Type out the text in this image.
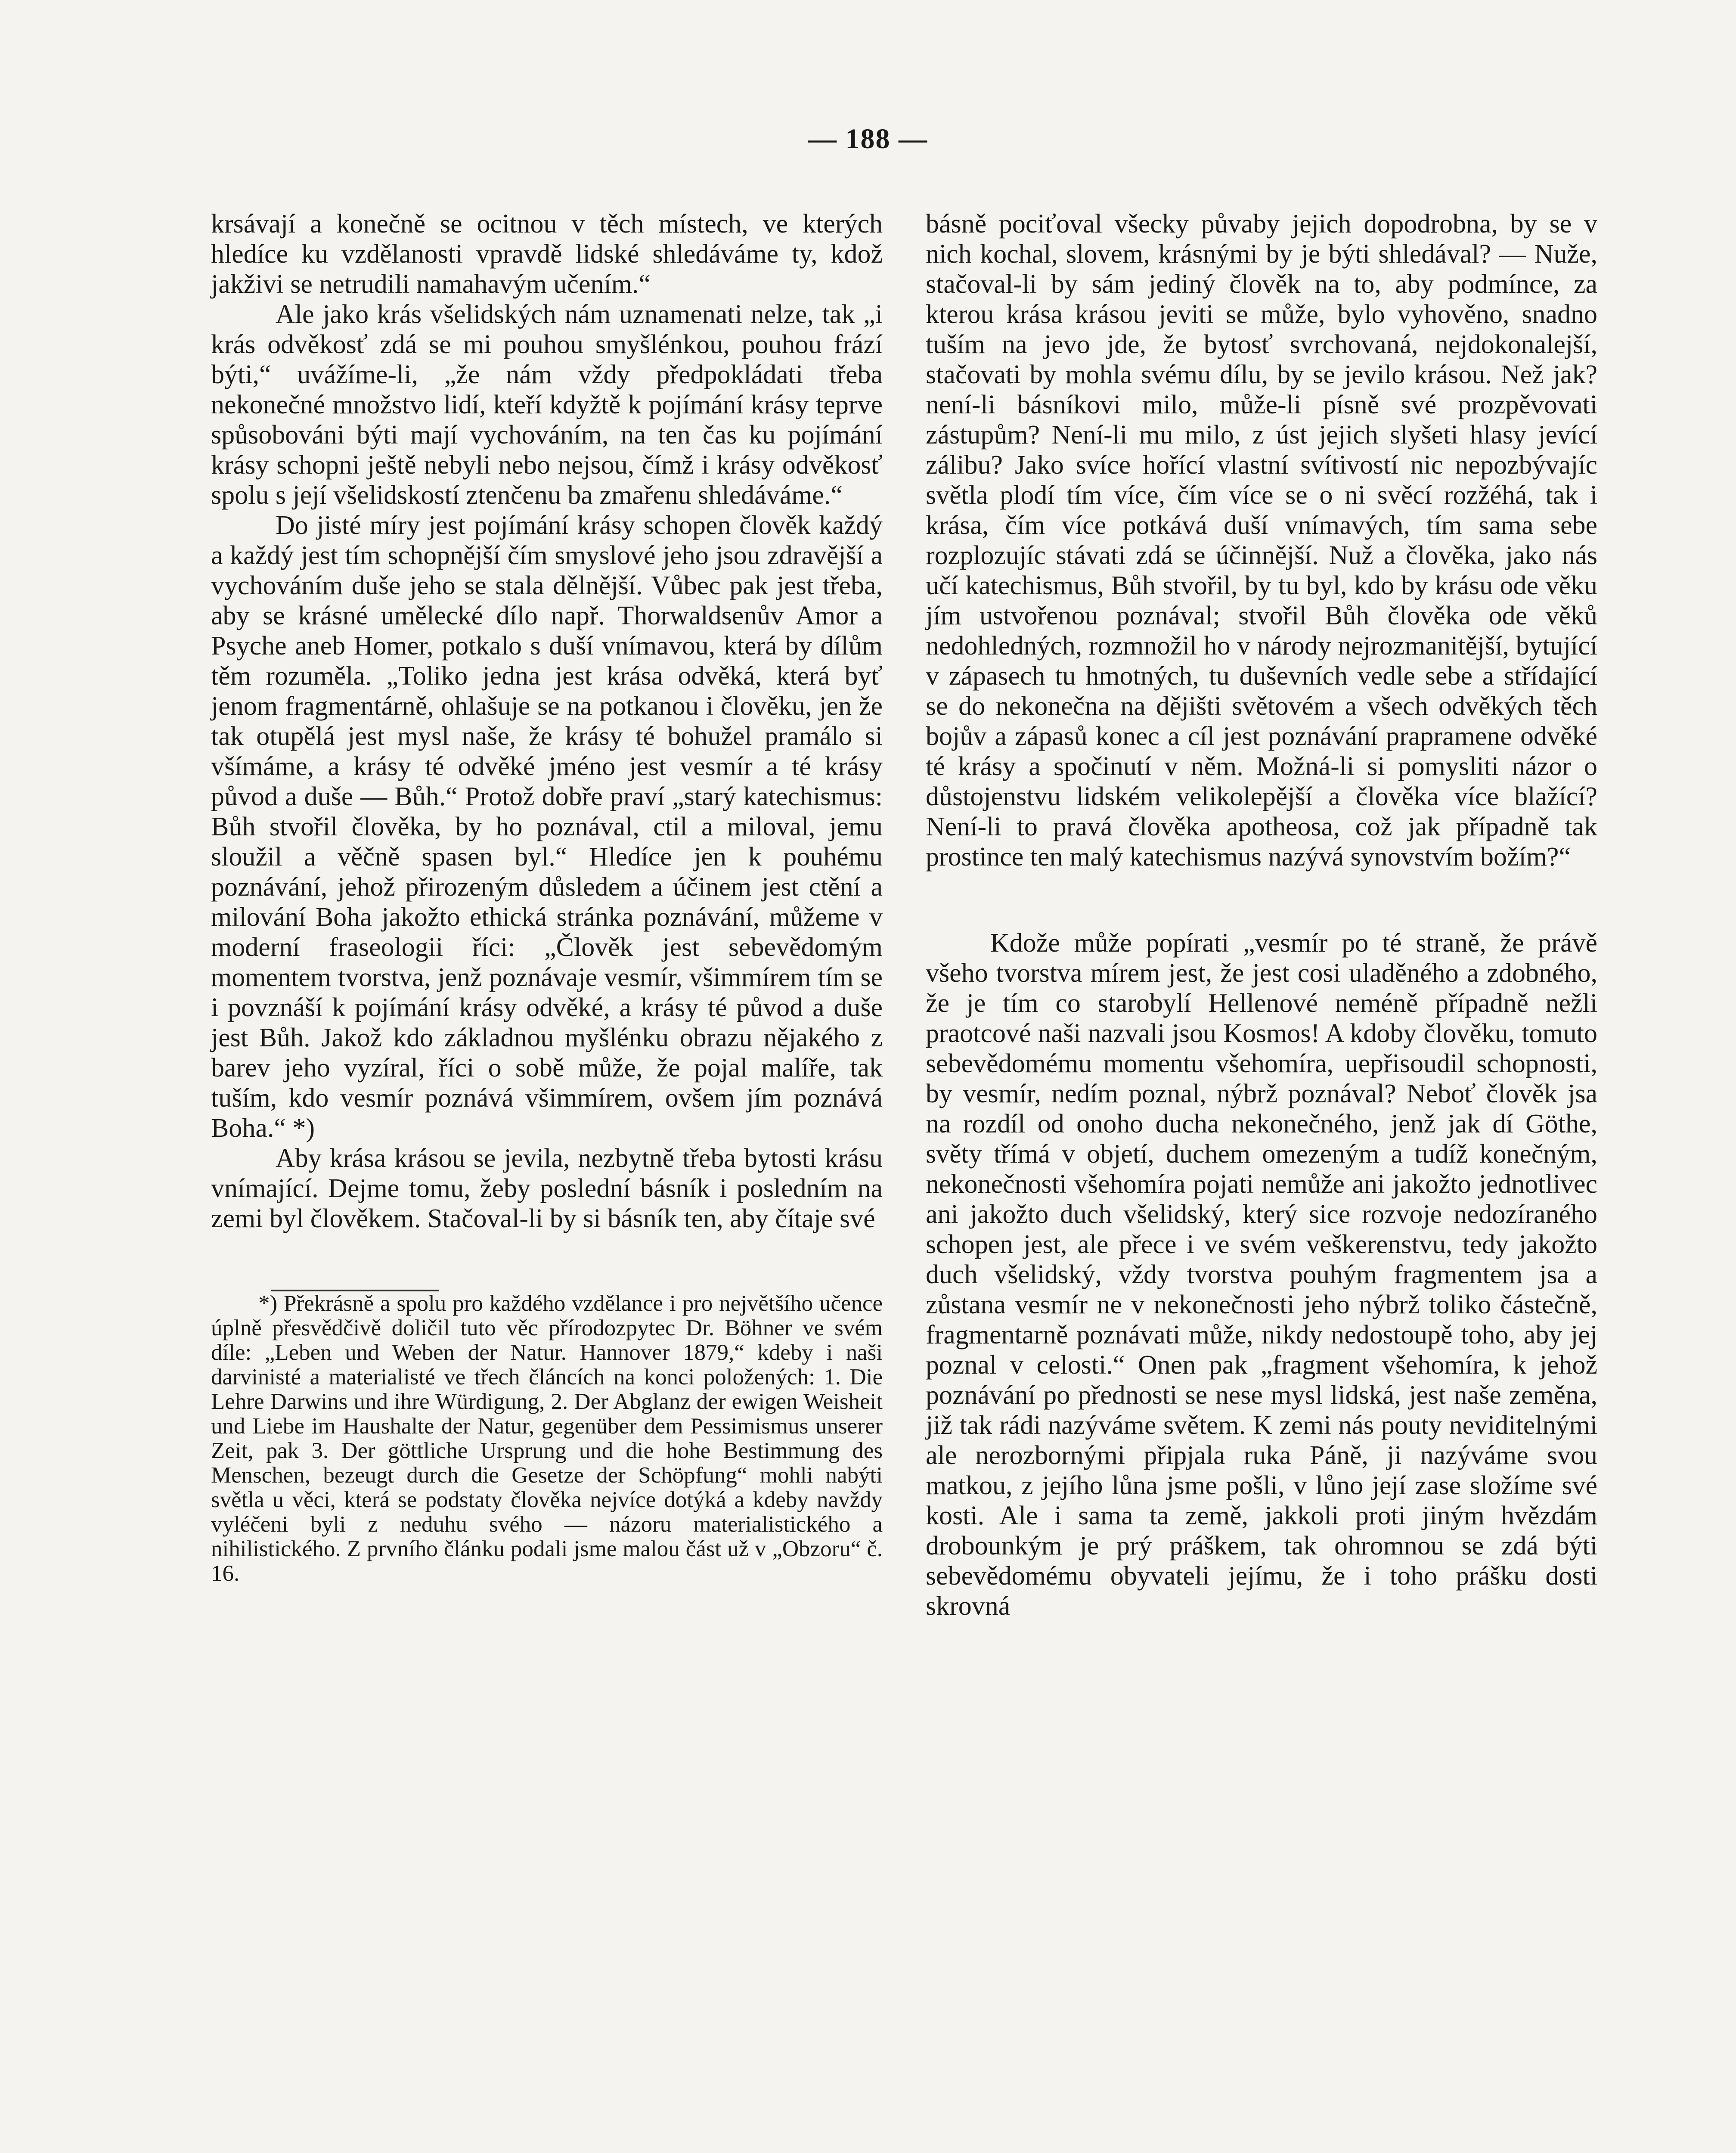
— 188 —

krsávají a konečně se ocitnou v těch místech, ve kterých hledíce ku vzdělanosti vpravdě lidské shledáváme ty, kdož jakživi se netrudili namahavým učením.“

Ale jako krás všelidských nám uznamenati nelze, tak „i krás odvěkosť zdá se mi pouhou smyšlénkou, pouhou frází býti,“ uvážíme-li, „že nám vždy předpokládati třeba nekonečné množstvo lidí, kteří kdyžtě k pojímání krásy teprve spůsobováni býti mají vychováním, na ten čas ku pojímání krásy schopni ještě nebyli nebo nejsou, čímž i krásy odvěkosť spolu s její všelidskostí ztenčenu ba zmařenu shledáváme.“

Do jisté míry jest pojímání krásy schopen člověk každý a každý jest tím schopnější čím smyslové jeho jsou zdravější a vychováním duše jeho se stala dělnější. Vůbec pak jest třeba, aby se krásné umělecké dílo např. Thorwaldsenův Amor a Psyche aneb Homer, potkalo s duší vnímavou, která by dílům těm rozuměla. „Toliko jedna jest krása odvěká, která byť jenom fragmentárně, ohlašuje se na potkanou i člověku, jen že tak otupělá jest mysl naše, že krásy té bohužel pramálo si všímáme, a krásy té odvěké jméno jest vesmír a té krásy původ a duše — Bůh.“ Protož dobře praví „starý katechismus: Bůh stvořil člověka, by ho poznával, ctil a miloval, jemu sloužil a věčně spasen byl.“ Hledíce jen k pouhému poznávání, jehož přirozeným důsledem a účinem jest ctění a milování Boha jakožto ethická stránka poznávání, můžeme v moderní fraseologii říci: „Člověk jest sebevědomým momentem tvorstva, jenž poznávaje vesmír, všimmírem tím se i povznáší k pojímání krásy odvěké, a krásy té původ a duše jest Bůh. Jakož kdo základnou myšlénku obrazu nějakého z barev jeho vyzíral, říci o sobě může, že pojal malíře, tak tuším, kdo vesmír poznává všimmírem, ovšem jím poznává Boha.“ *)

Aby krása krásou se jevila, nezbytně třeba bytosti krásu vnímající. Dejme tomu, žeby poslední básník i posledním na zemi byl člověkem. Stačoval-li by si básník ten, aby čítaje své

*) Překrásně a spolu pro každého vzdělance i pro největšího učence úplně přesvědčivě doličil tuto věc přírodozpytec Dr. Böhner ve svém díle: „Leben und Weben der Natur. Hannover 1879,“ kdeby i naši darvinisté a materialisté ve třech článcích na konci položených: 1. Die Lehre Darwins und ihre Würdigung, 2. Der Abglanz der ewigen Weisheit und Liebe im Haushalte der Natur, gegenüber dem Pessimismus unserer Zeit, pak 3. Der göttliche Ursprung und die hohe Bestimmung des Menschen, bezeugt durch die Gesetze der Schöpfung“ mohli nabýti světla u věci, která se podstaty člověka nejvíce dotýká a kdeby navždy vyléčeni byli z neduhu svého — názoru materialistického a nihilistického. Z prvního článku podali jsme malou část už v „Obzoru“ č. 16.

básně pociťoval všecky půvaby jejich dopodrobna, by se v nich kochal, slovem, krásnými by je býti shledával? — Nuže, stačoval-li by sám jediný člověk na to, aby podmínce, za kterou krása krásou jeviti se může, bylo vyhověno, snadno tuším na jevo jde, že bytosť svrchovaná, nejdokonalejší, stačovati by mohla svému dílu, by se jevilo krásou. Než jak? není-li básníkovi milo, může-li písně své prozpěvovati zástupům? Není-li mu milo, z úst jejich slyšeti hlasy jevící zálibu? Jako svíce hořící vlastní svítivostí nic nepozbývajíc světla plodí tím více, čím více se o ni svěcí rozžéhá, tak i krása, čím více potkává duší vnímavých, tím sama sebe rozplozujíc stávati zdá se účinnější. Nuž a člověka, jako nás učí katechismus, Bůh stvořil, by tu byl, kdo by krásu ode věku jím ustvořenou poznával; stvořil Bůh člověka ode věků nedohledných, rozmnožil ho v národy nejrozmanitější, bytující v zápasech tu hmotných, tu duševních vedle sebe a střídající se do nekonečna na dějišti světovém a všech odvěkých těch bojův a zápasů konec a cíl jest poznávání prapramene odvěké té krásy a spočinutí v něm. Možná-li si pomysliti názor o důstojenstvu lidském velikolepější a člověka více blažící? Není-li to pravá člověka apotheosa, což jak případně tak prostince ten malý katechismus nazývá synovstvím božím?“

Kdože může popírati „vesmír po té straně, že právě všeho tvorstva mírem jest, že jest cosi uladěného a zdobného, že je tím co starobylí Hellenové neméně případně nežli praotcové naši nazvali jsou Kosmos! A kdoby člověku, tomuto sebevědomému momentu všehomíra, uepřisoudil schopnosti, by vesmír, nedím poznal, nýbrž poznával? Neboť člověk jsa na rozdíl od onoho ducha nekonečného, jenž jak dí Göthe, světy třímá v objetí, duchem omezeným a tudíž konečným, nekonečnosti všehomíra pojati nemůže ani jakožto jednotlivec ani jakožto duch všelidský, který sice rozvoje nedozíraného schopen jest, ale přece i ve svém veškerenstvu, tedy jakožto duch všelidský, vždy tvorstva pouhým fragmentem jsa a zůstana vesmír ne v nekonečnosti jeho nýbrž toliko částečně, fragmentarně poznávati může, nikdy nedostoupě toho, aby jej poznal v celosti.“ Onen pak „fragment všehomíra, k jehož poznávání po přednosti se nese mysl lidská, jest naše zeměna, již tak rádi nazýváme světem. K zemi nás pouty neviditelnými ale nerozbornými připjala ruka Páně, ji nazýváme svou matkou, z jejího lůna jsme pošli, v lůno její zase složíme své kosti. Ale i sama ta země, jakkoli proti jiným hvězdám drobounkým je prý práškem, tak ohromnou se zdá býti sebevědomému obyvateli jejímu, že i toho prášku dosti skrovná
